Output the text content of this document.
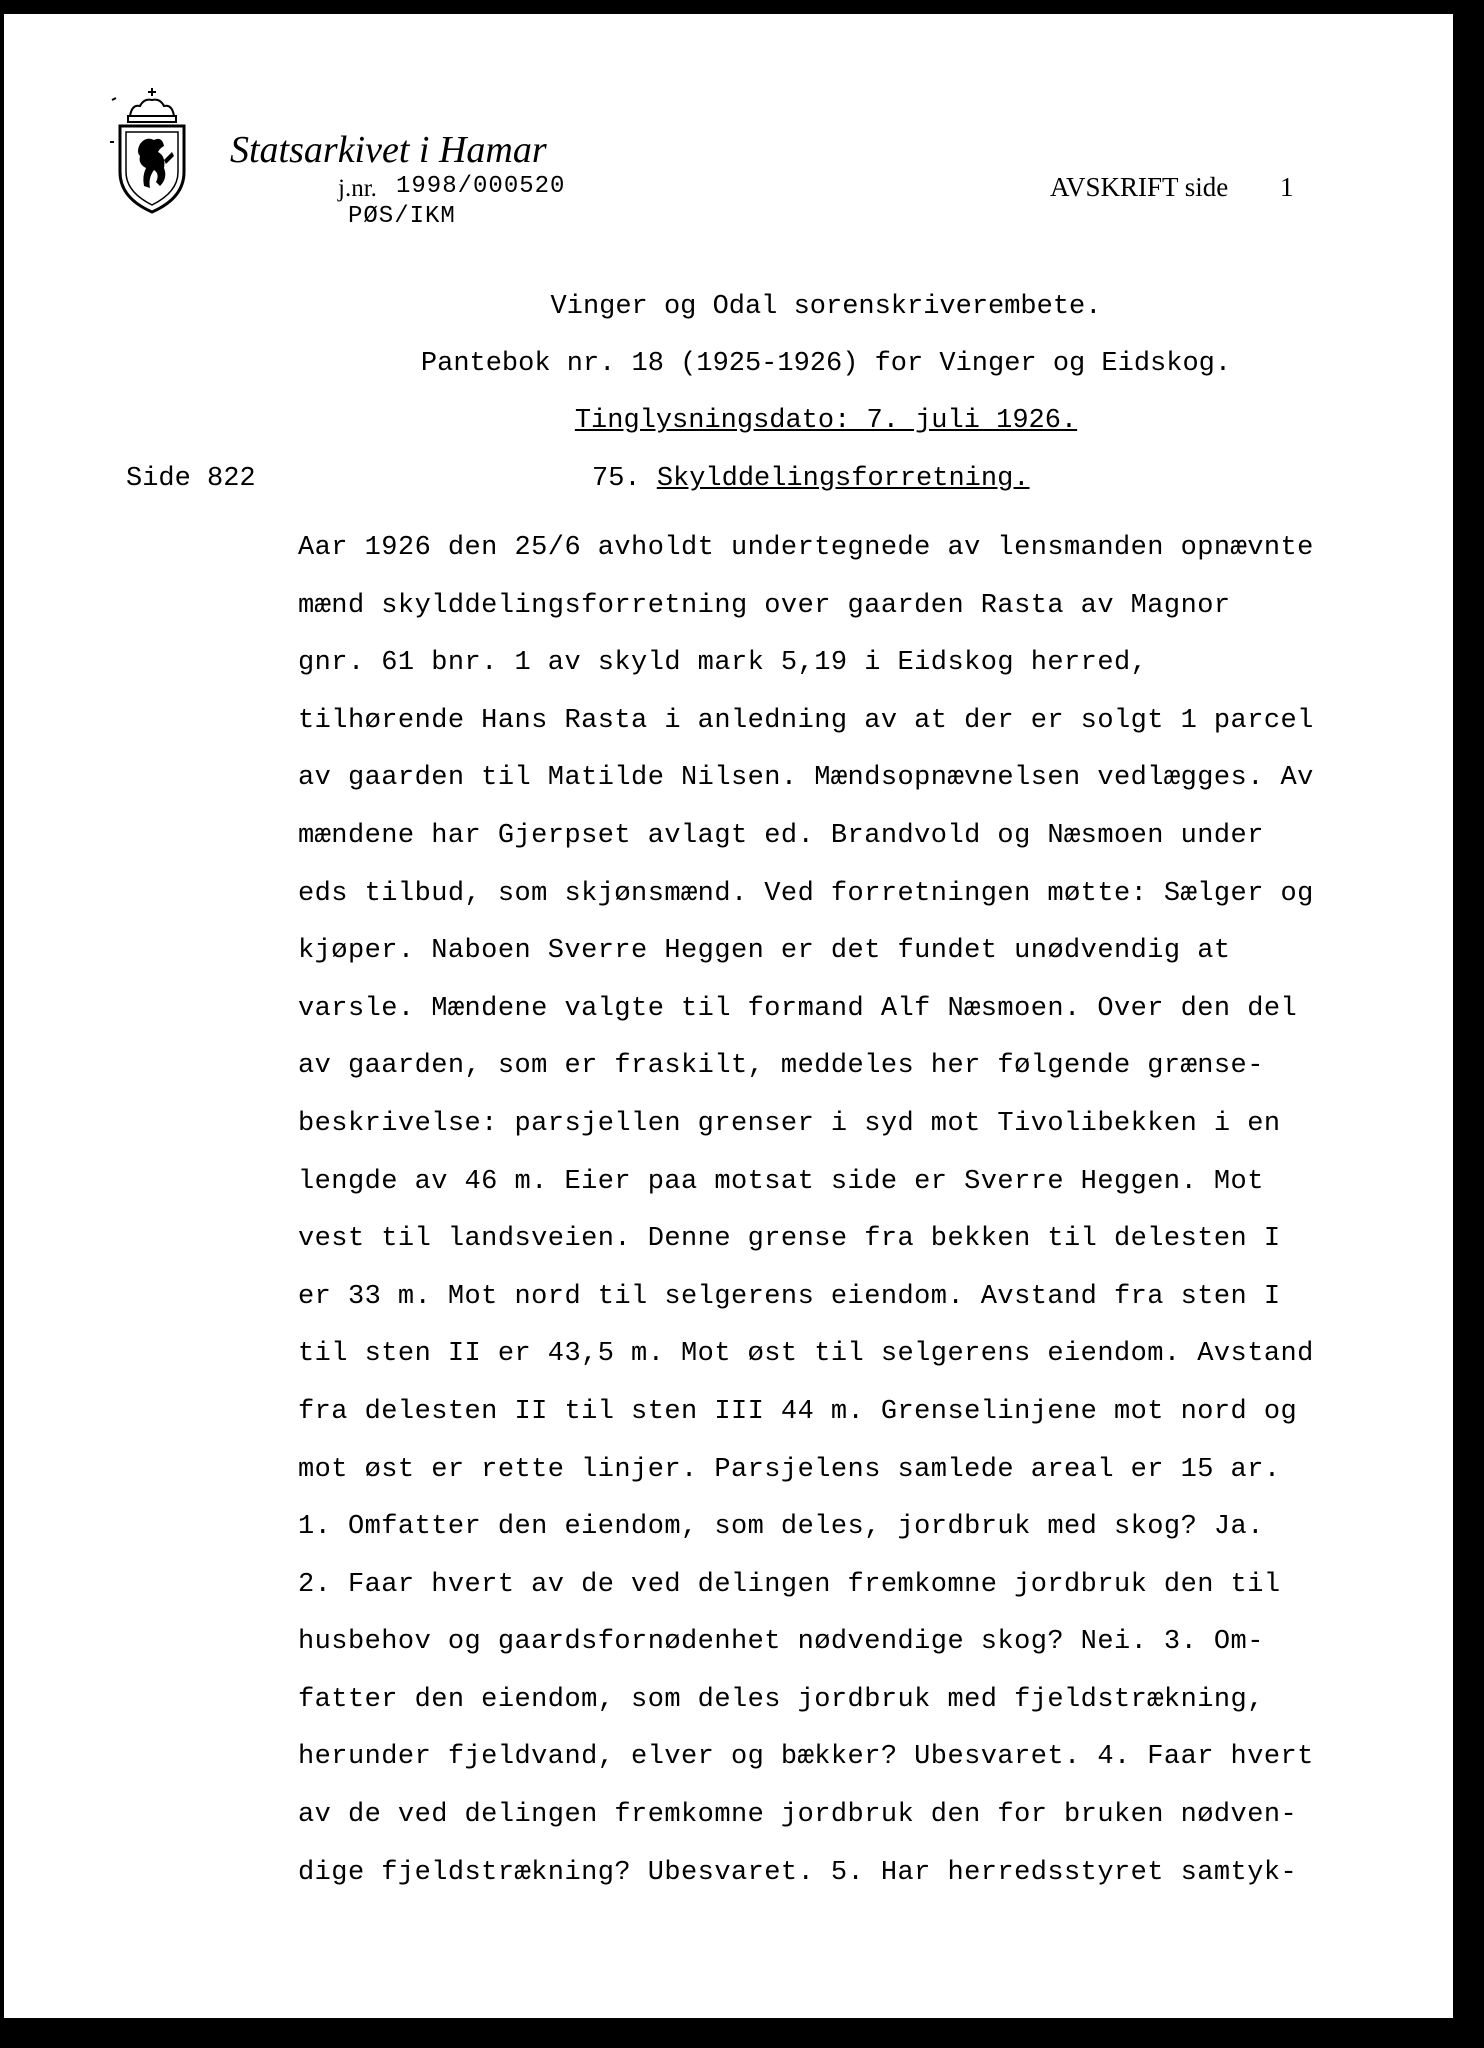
Statsarkivet i Hamar
j.nr. 1998/000520
PØS/IKM
AVSKRIFT side 1
Vinger og Odal sorenskriverembete.
Pantebok nr. 18 (1925-1926) for Vinger og Eidskog.
Tinglysningsdato: 7. juli 1926.
Side 822	75. Skylddelingsforretning.
Aar 1926 den 25/6 avholdt undertegnede av lensmanden opnævnte
mænd skylddelingsforretning over gaarden Rasta av Magnor
gnr. 61 bnr. 1 av skyld mark 5,19 i Eidskog herred,
tilhørende Hans Rasta i anledning av at der er solgt 1 parcel
av gaarden til Matilde Nilsen. Mændsopnævnelsen vedlægges. Av
mændene har Gjerpset avlagt ed. Brandvold og Næsmoen under
eds tilbud, som skjønsmænd. Ved forretningen møtte: Sælger og
kjøper. Naboen Sverre Heggen er det fundet unødvendig at
varsle. Mændene valgte til formand Alf Næsmoen. Over den del
av gaarden, som er fraskilt, meddeles her følgende grænse-
beskrivelse: parsjellen grenser i syd mot Tivolibekken i en
lengde av 46 m. Eier paa motsat side er Sverre Heggen. Mot
vest til landsveien. Denne grense fra bekken til delesten I
er 33 m. Mot nord til selgerens eiendom. Avstand fra sten I
til sten II er 43,5 m. Mot øst til selgerens eiendom. Avstand
fra delesten II til sten III 44 m. Grenselinjene mot nord og
mot øst er rette linjer. Parsjelens samlede areal er 15 ar.
1. Omfatter den eiendom, som deles, jordbruk med skog? Ja.
2. Faar hvert av de ved delingen fremkomne jordbruk den til
husbehov og gaardsfornødenhet nødvendige skog? Nei. 3. Om-
fatter den eiendom, som deles jordbruk med fjeldstrækning,
herunder fjeldvand, elver og bækker? Ubesvaret. 4. Faar hvert
av de ved delingen fremkomne jordbruk den for bruken nødven-
dige fjeldstrækning? Ubesvaret. 5. Har herredsstyret samtyk-
